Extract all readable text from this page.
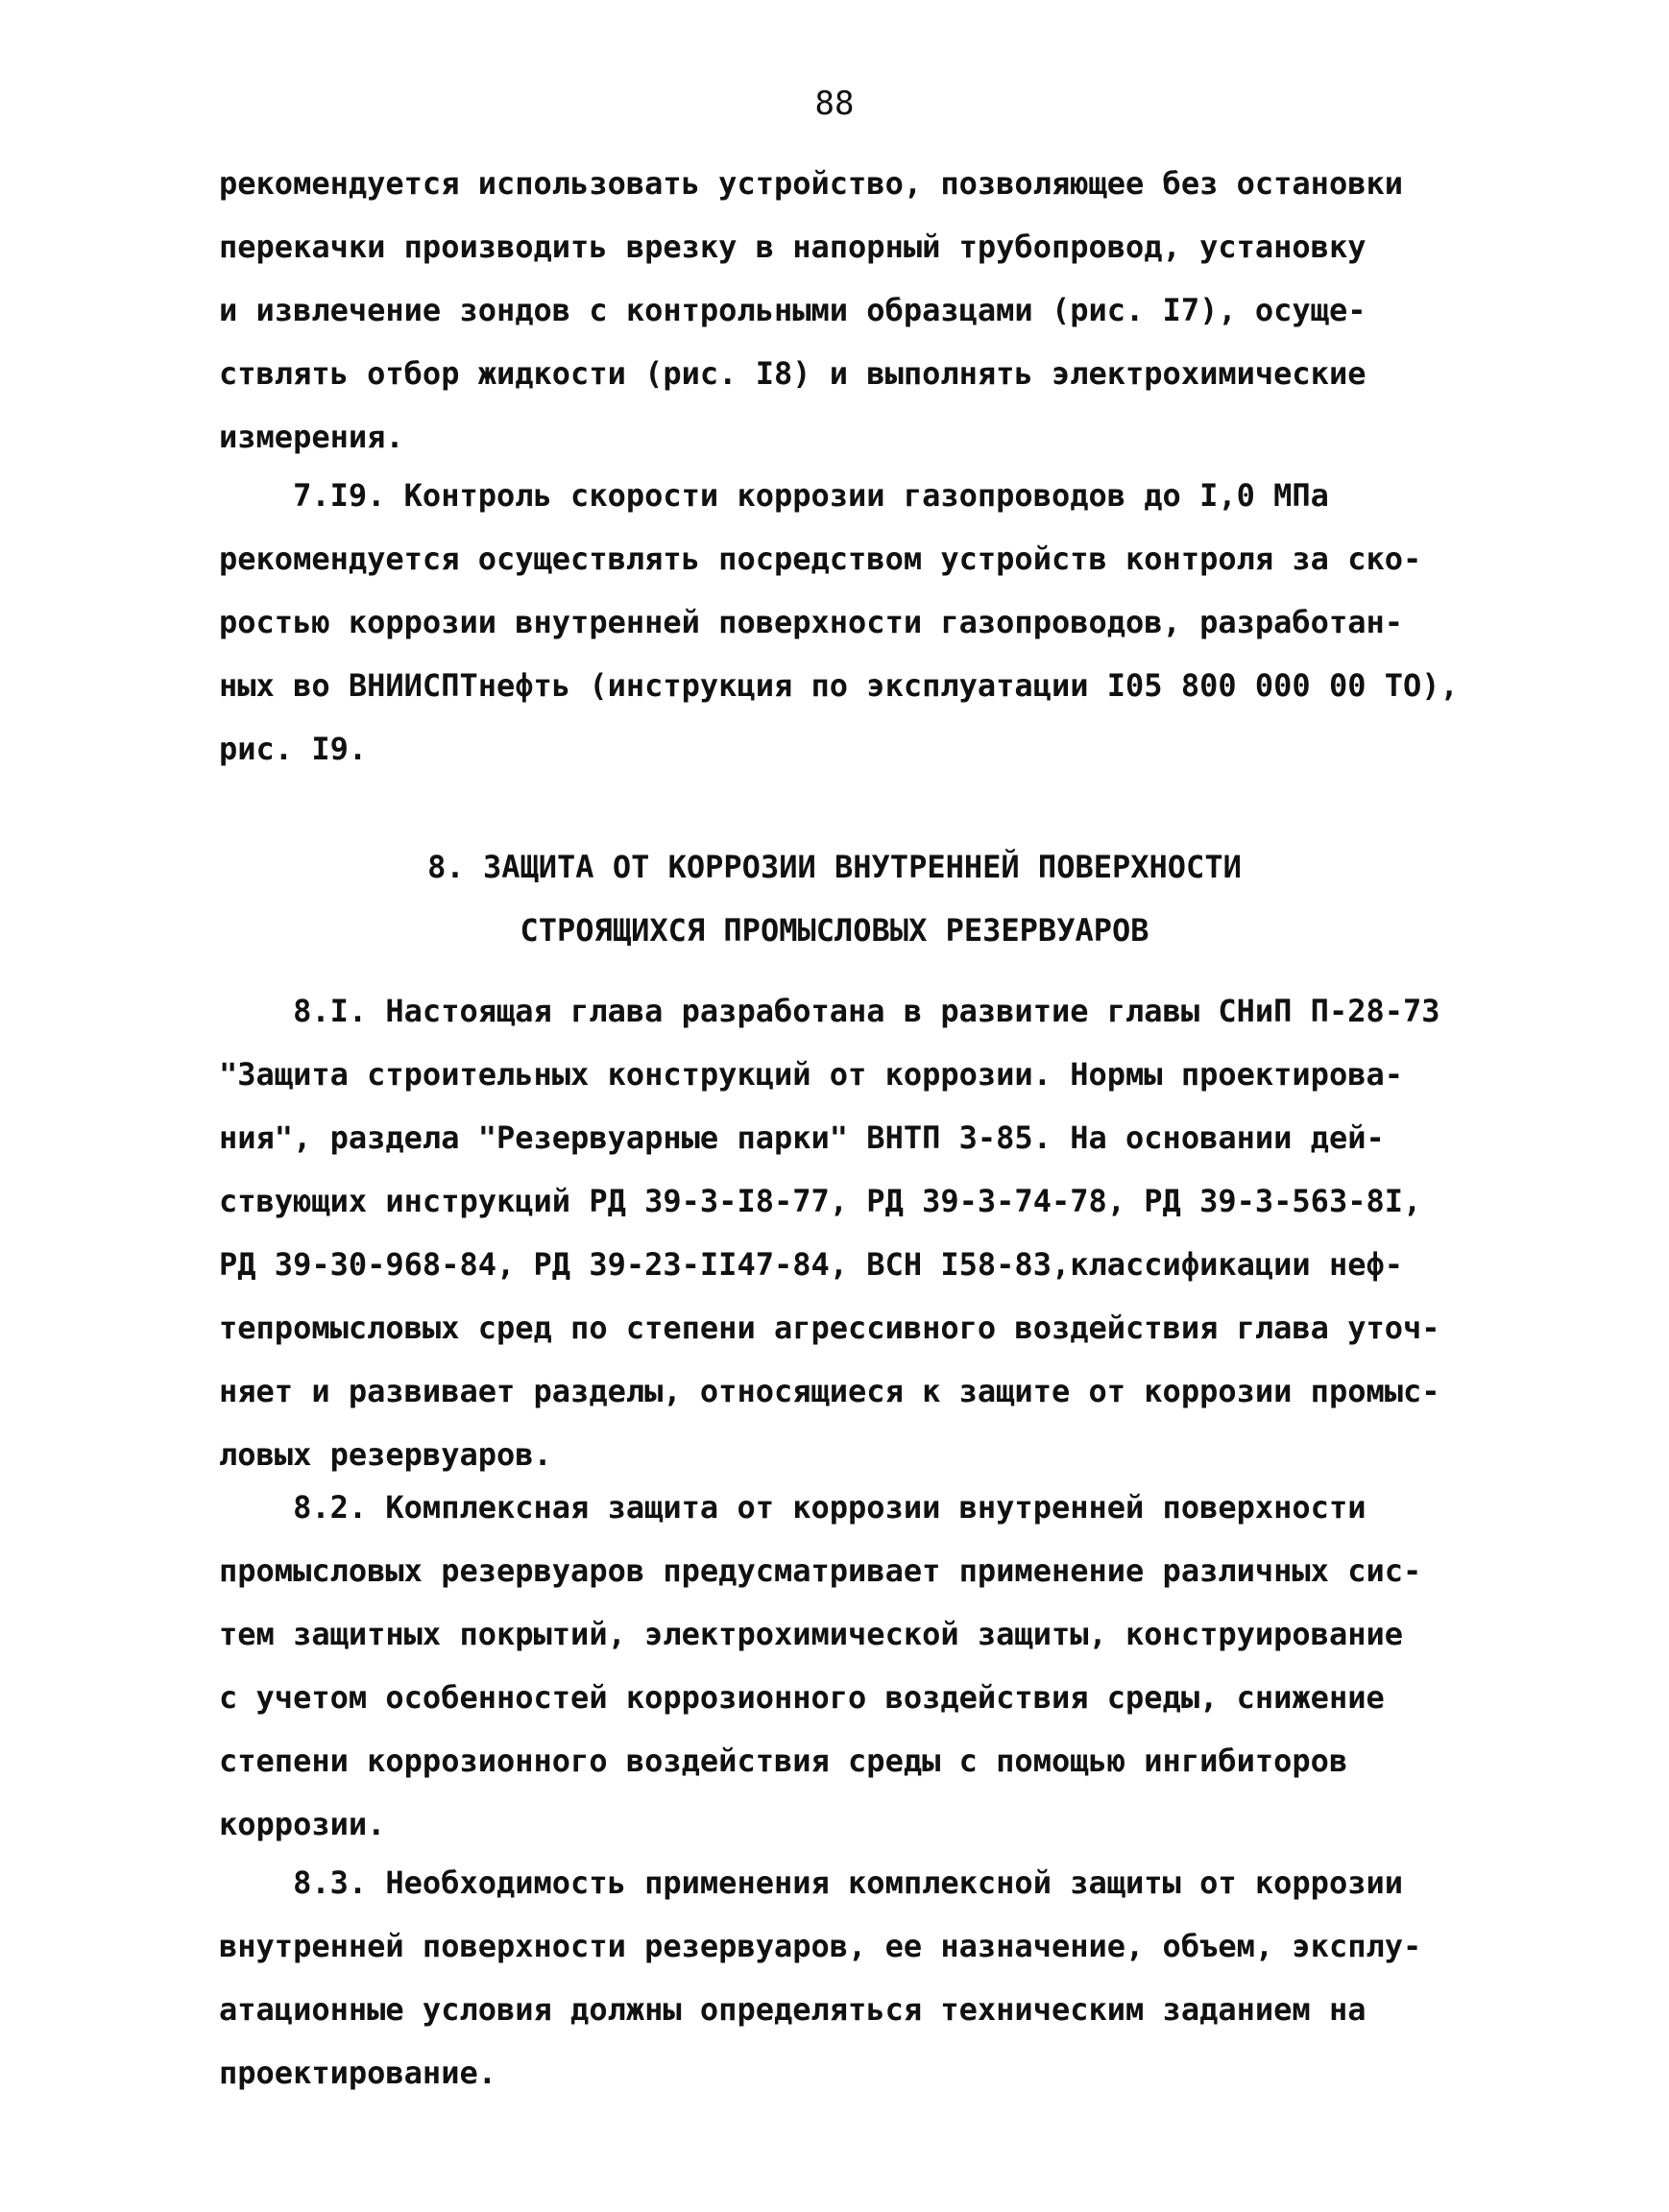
88
рекомендуется использовать устройство, позволяющее без остановки
перекачки производить врезку в напорный трубопровод, установку
и извлечение зондов с контрольными образцами (рис. I7), осуще-
ствлять отбор жидкости (рис. I8) и выполнять электрохимические
измерения.
7.I9. Контроль скорости коррозии газопроводов до I,0 МПа
рекомендуется осуществлять посредством устройств контроля за ско-
ростью коррозии внутренней поверхности газопроводов, разработан-
ных во ВНИИСПТнефть (инструкция по эксплуатации I05 800 000 00 ТО),
рис. I9.
8. ЗАЩИТА ОТ КОРРОЗИИ ВНУТРЕННЕЙ ПОВЕРХНОСТИ
СТРОЯЩИХСЯ ПРОМЫСЛОВЫХ РЕЗЕРВУАРОВ
8.I. Настоящая глава разработана в развитие главы СНиП П-28-73
"Защита строительных конструкций от коррозии. Нормы проектирова-
ния", раздела "Резервуарные парки" ВНТП 3-85. На основании дей-
ствующих инструкций РД 39-3-I8-77, РД 39-3-74-78, РД 39-3-563-8I,
РД 39-30-968-84, РД 39-23-II47-84, ВСН I58-83,классификации неф-
тепромысловых сред по степени агрессивного воздействия глава уточ-
няет и развивает разделы, относящиеся к защите от коррозии промыс-
ловых резервуаров.
8.2. Комплексная защита от коррозии внутренней поверхности
промысловых резервуаров предусматривает применение различных сис-
тем защитных покрытий, электрохимической защиты, конструирование
с учетом особенностей коррозионного воздействия среды, снижение
степени коррозионного воздействия среды с помощью ингибиторов
коррозии.
8.3. Необходимость применения комплексной защиты от коррозии
внутренней поверхности резервуаров, ее назначение, объем, эксплу-
атационные условия должны определяться техническим заданием на
проектирование.
